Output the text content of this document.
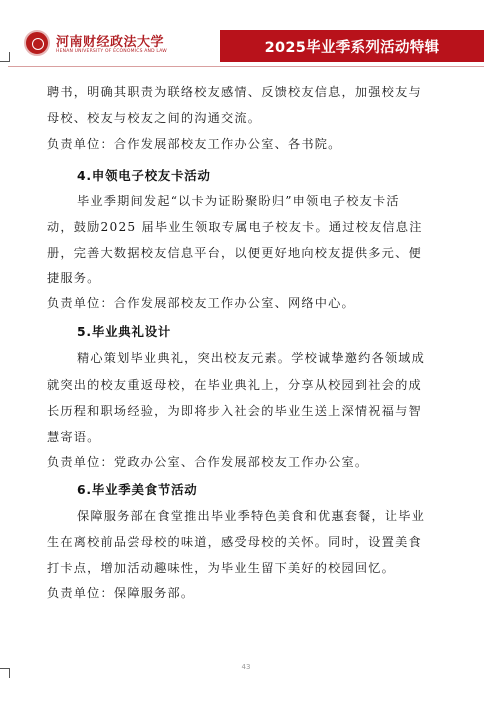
河南财经政法大学
HENAN UNIVERSITY OF ECONOMICS AND LAW	2025毕业季系列活动特辑
聘书，明确其职责为联络校友感情、反馈校友信息，加强校友与
母校、校友与校友之间的沟通交流。
负责单位：合作发展部校友工作办公室、各书院。
4.申领电子校友卡活动
毕业季期间发起“以卡为证盼聚盼归”申领电子校友卡活
动，鼓励2025 届毕业生领取专属电子校友卡。通过校友信息注
册，完善大数据校友信息平台，以便更好地向校友提供多元、便
捷服务。
负责单位：合作发展部校友工作办公室、网络中心。
5.毕业典礼设计
精心策划毕业典礼，突出校友元素。学校诚挚邀约各领域成
就突出的校友重返母校，在毕业典礼上，分享从校园到社会的成
长历程和职场经验，为即将步入社会的毕业生送上深情祝福与智
慧寄语。
负责单位：党政办公室、合作发展部校友工作办公室。
6.毕业季美食节活动
保障服务部在食堂推出毕业季特色美食和优惠套餐，让毕业
生在离校前品尝母校的味道，感受母校的关怀。同时，设置美食
打卡点，增加活动趣味性，为毕业生留下美好的校园回忆。
负责单位：保障服务部。
43
